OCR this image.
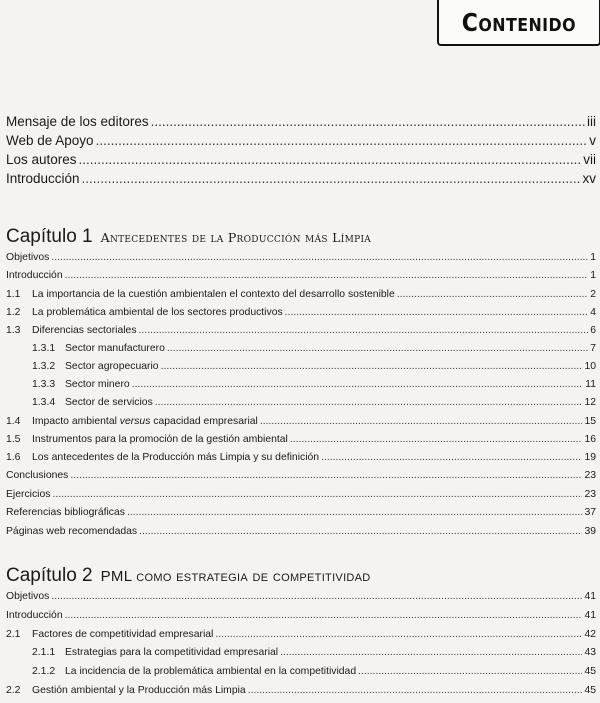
Contenido
Mensaje de los editores .....	iii
Web de Apoyo .....	v
Los autores .....	vii
Introducción .....	xv
Capítulo 1 Antecedentes de la Producción más Límpia
Objetivos .....	1
Introducción .....	1
1.1 La importancia de la cuestión ambientalen el contexto del desarrollo sostenible .....	2
1.2 La problemática ambiental de los sectores productivos .....	4
1.3 Diferencias sectoriales .....	6
1.3.1 Sector manufacturero .....	7
1.3.2 Sector agropecuario .....	10
1.3.3 Sector minero .....	11
1.3.4 Sector de servicios .....	12
1.4 Impacto ambiental versus capacidad empresarial .....	15
1.5 Instrumentos para la promoción de la gestión ambiental .....	16
1.6 Los antecedentes de la Producción más Limpia y su definición .....	19
Conclusiones .....	23
Ejercicios .....	23
Referencias bibliográficas .....	37
Páginas web recomendadas .....	39
Capítulo 2 PML como estrategia de competitividad
Objetivos .....	41
Introducción .....	41
2.1 Factores de competitividad empresarial .....	42
2.1.1 Estrategias para la competitividad empresarial .....	43
2.1.2 La incidencia de la problemática ambiental en la competitividad .....	45
2.2 Gestión ambiental y la Producción más Limpia .....	45
